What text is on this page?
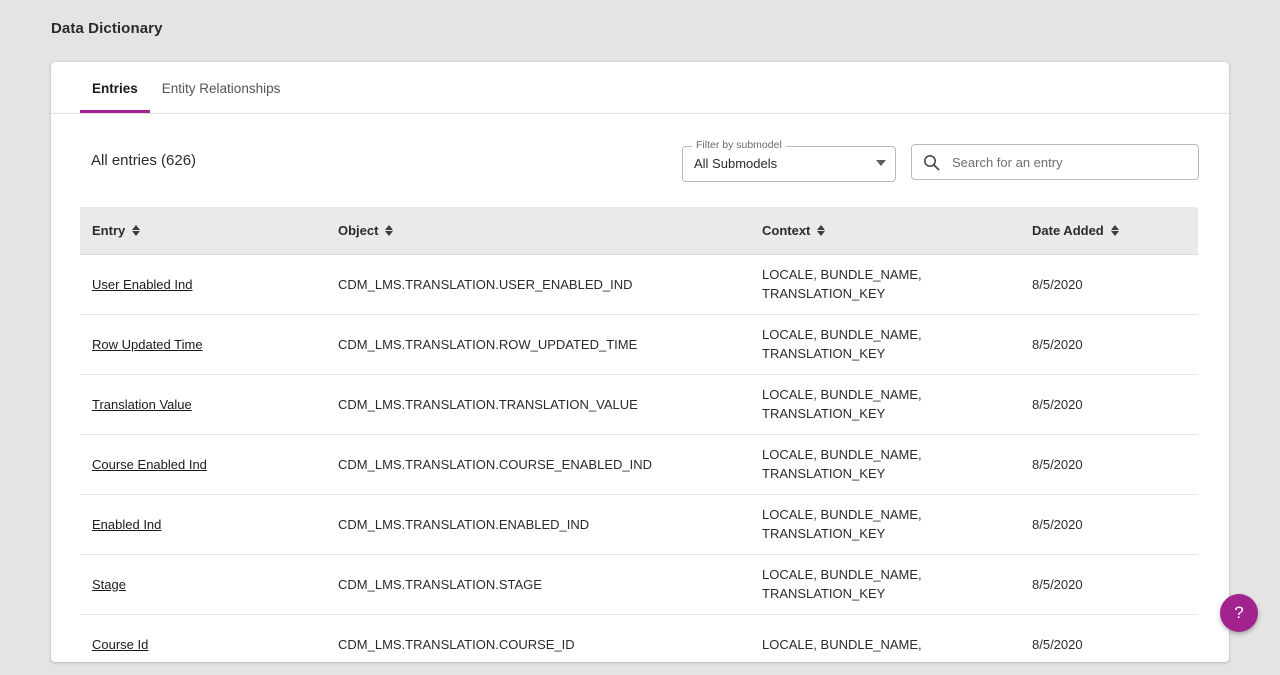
Data Dictionary
Entries	Entity Relationships
All entries (626)
Filter by submodel
All Submodels
Search for an entry
Entry	Object	Context	Date Added

User Enabled Ind	CDM_LMS.TRANSLATION.USER_ENABLED_IND	LOCALE, BUNDLE_NAME, TRANSLATION_KEY	8/5/2020
Row Updated Time	CDM_LMS.TRANSLATION.ROW_UPDATED_TIME	LOCALE, BUNDLE_NAME, TRANSLATION_KEY	8/5/2020
Translation Value	CDM_LMS.TRANSLATION.TRANSLATION_VALUE	LOCALE, BUNDLE_NAME, TRANSLATION_KEY	8/5/2020
Course Enabled Ind	CDM_LMS.TRANSLATION.COURSE_ENABLED_IND	LOCALE, BUNDLE_NAME, TRANSLATION_KEY	8/5/2020
Enabled Ind	CDM_LMS.TRANSLATION.ENABLED_IND	LOCALE, BUNDLE_NAME, TRANSLATION_KEY	8/5/2020
Stage	CDM_LMS.TRANSLATION.STAGE	LOCALE, BUNDLE_NAME, TRANSLATION_KEY	8/5/2020
Course Id	CDM_LMS.TRANSLATION.COURSE_ID	LOCALE, BUNDLE_NAME,	8/5/2020
?
